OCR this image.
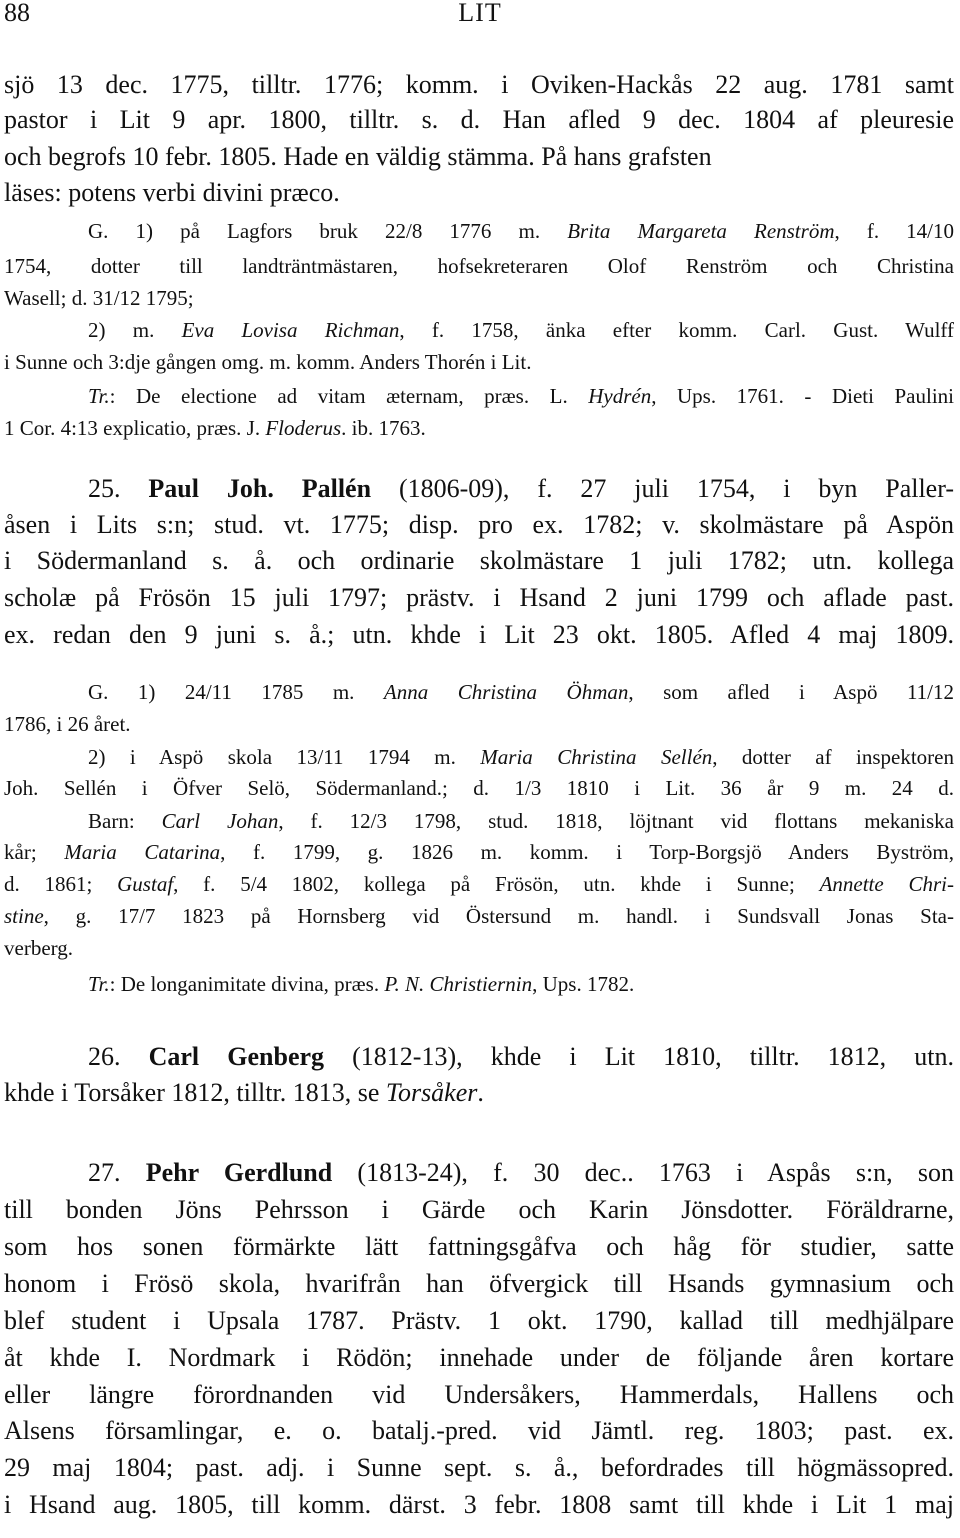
88	LIT
sjö 13 dec. 1775, tilltr. 1776; komm. i Oviken-Hackås 22 aug. 1781 samt
pastor i Lit 9 apr. 1800, tilltr. s. d. Han afled 9 dec. 1804 af pleuresie
och begrofs 10 febr. 1805. Hade en väldig stämma. På hans grafsten
läses: potens verbi divini præco.
G. 1) på Lagfors bruk 22/8 1776 m. Brita Margareta Renström, f. 14/10
1754, dotter till landträntmästaren, hofsekreteraren Olof Renström och Christina
Wasell; d. 31/12 1795;
2) m. Eva Lovisa Richman, f. 1758, änka efter komm. Carl. Gust. Wulff
i Sunne och 3:dje gången omg. m. komm. Anders Thorén i Lit.
Tr.: De electione ad vitam æternam, præs. L. Hydrén, Ups. 1761. - Dieti Paulini
1 Cor. 4:13 explicatio, præs. J. Floderus. ib. 1763.
25. Paul Joh. Pallén (1806-09), f. 27 juli 1754, i byn Paller-
åsen i Lits s:n; stud. vt. 1775; disp. pro ex. 1782; v. skolmästare på Aspön
i Södermanland s. å. och ordinarie skolmästare 1 juli 1782; utn. kollega
scholæ på Frösön 15 juli 1797; prästv. i Hsand 2 juni 1799 och aflade past.
ex. redan den 9 juni s. å.; utn. khde i Lit 23 okt. 1805. Afled 4 maj 1809.
G. 1) 24/11 1785 m. Anna Christina Öhman, som afled i Aspö 11/12
1786, i 26 året.
2) i Aspö skola 13/11 1794 m. Maria Christina Sellén, dotter af inspektoren
Joh. Sellén i Öfver Selö, Södermanland.; d. 1/3 1810 i Lit. 36 år 9 m. 24 d.
Barn: Carl Johan, f. 12/3 1798, stud. 1818, löjtnant vid flottans mekaniska
kår; Maria Catarina, f. 1799, g. 1826 m. komm. i Torp-Borgsjö Anders Byström,
d. 1861; Gustaf, f. 5/4 1802, kollega på Frösön, utn. khde i Sunne; Annette Chri-
stine, g. 17/7 1823 på Hornsberg vid Östersund m. handl. i Sundsvall Jonas Sta-
verberg.
Tr.: De longanimitate divina, præs. P. N. Christiernin, Ups. 1782.
26. Carl Genberg (1812-13), khde i Lit 1810, tilltr. 1812, utn.
khde i Torsåker 1812, tilltr. 1813, se Torsåker.
27. Pehr Gerdlund (1813-24), f. 30 dec.. 1763 i Aspås s:n, son
till bonden Jöns Pehrsson i Gärde och Karin Jönsdotter. Föräldrarne,
som hos sonen förmärkte lätt fattningsgåfva och håg för studier, satte
honom i Frösö skola, hvarifrån han öfvergick till Hsands gymnasium och
blef student i Upsala 1787. Prästv. 1 okt. 1790, kallad till medhjälpare
åt khde I. Nordmark i Rödön; innehade under de följande åren kortare
eller längre förordnanden vid Undersåkers, Hammerdals, Hallens och
Alsens församlingar, e. o. batalj.-pred. vid Jämtl. reg. 1803; past. ex.
29 maj 1804; past. adj. i Sunne sept. s. å., befordrades till högmässopred.
i Hsand aug. 1805, till komm. därst. 3 febr. 1808 samt till khde i Lit 1 maj
